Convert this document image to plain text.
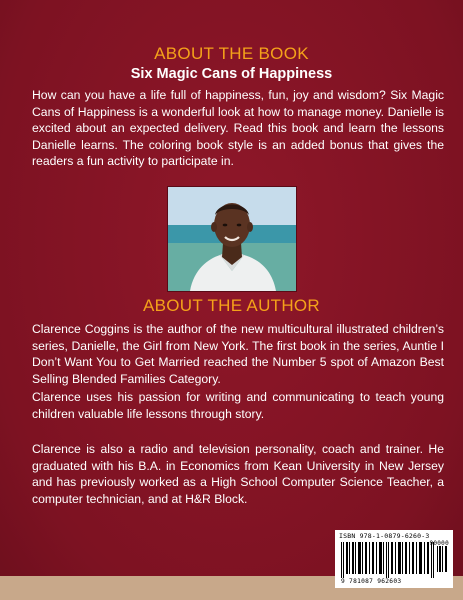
ABOUT THE BOOK
Six Magic Cans of Happiness
How can you have a life full of happiness, fun, joy and wisdom? Six Magic Cans of Happiness is a wonderful look at how to manage money. Danielle is excited about an expected delivery. Read this book and learn the lessons Danielle learns. The coloring book style is an added bonus that gives the readers a fun activity to participate in.
ABOUT THE AUTHOR
Clarence Coggins is the author of the new multicultural illustrated children’s series, Danielle, the Girl from New York. The first book in the series, Auntie I Don’t Want You to Get Married reached the Number 5 spot of Amazon Best Selling Blended Families Category.
Clarence uses his passion for writing and communicating to teach young children valuable life lessons through story.
Clarence is also a radio and television personality, coach and trainer. He graduated with his B.A. in Economics from Kean University in New Jersey and has previously worked as a High School Computer Science Teacher, a computer technician, and at H&R Block.
ISBN 978-1-0879-6260-3
9 781087 962603
90000
